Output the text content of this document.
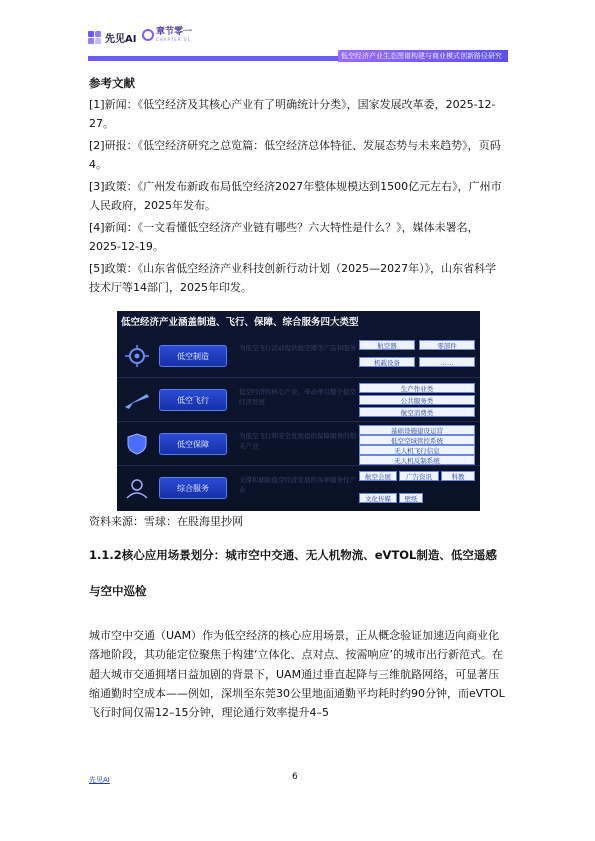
先见AI
章节零一
CHAPTER 01
低空经济产业生态图谱构建与商业模式创新路径研究
参考文献
[1]新闻：《低空经济及其核心产业有了明确统计分类》，国家发展改革委，2025-12-27。
[2]研报：《低空经济研究之总览篇：低空经济总体特征、发展态势与未来趋势》，页码4。
[3]政策：《广州发布新政布局低空经济2027年整体规模达到1500亿元左右》，广州市人民政府，2025年发布。
[4]新闻：《一文看懂低空经济产业链有哪些？六大特性是什么？》，媒体未署名，2025-12-19。
[5]政策：《山东省低空经济产业科技创新行动计划（2025—2027年）》，山东省科学技术厅等14部门，2025年印发。
低空经济产业涵盖制造、飞行、保障、综合服务四大类型
低空制造
为低空飞行活动提供航空器等产品和服务	航空器	零部件
机载设备	……
低空飞行
低空经济的核心产业，牵动牵引整个低空经济发展
生产作业类
公共服务类
航空消费类
低空保障
为低空飞行和安全发展提供保障服务的相关产业
基础设施建设运营
低空空域管控系统
无人机飞行信息
无人机反制系统
综合服务
支撑和辅助低空经济发展的各种服务性产业
航空会展	广告资讯	科教
文化传媒	壁纸
资料来源：雪球：在股海里抄网
1.1.2核心应用场景划分：城市空中交通、无人机物流、eVTOL制造、低空遥感
与空中巡检
城市空中交通（UAM）作为低空经济的核心应用场景，正从概念验证加速迈向商业化落地阶段，其功能定位聚焦于构建‘立体化、点对点、按需响应’的城市出行新范式。在超大城市交通拥堵日益加剧的背景下，UAM通过垂直起降与三维航路网络，可显著压缩通勤时空成本——例如，深圳至东莞30公里地面通勤平均耗时约90分钟，而eVTOL飞行时间仅需12–15分钟，理论通行效率提升4–5
先见AI	6
